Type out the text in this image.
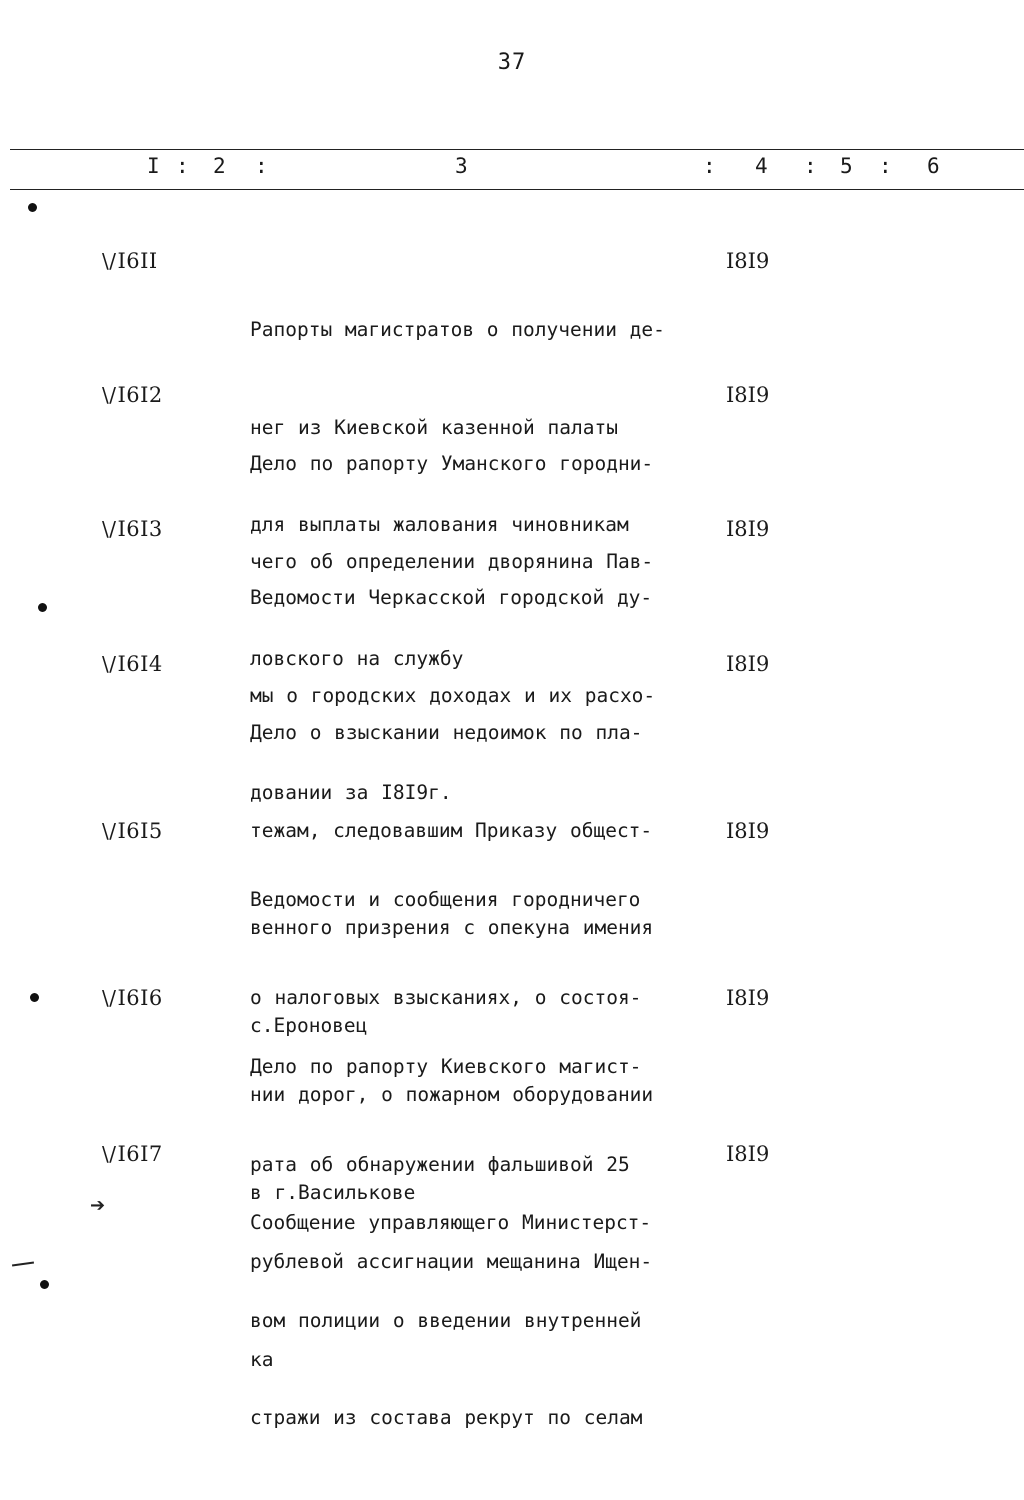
37
I : 2 :	3	: 4 : 5 : 6
➔
\/I6II

Рапорты магистратов о получении де-

нег из Киевской казенной палаты

для выплаты жалования чиновникам

I8I9
\/I6I2

Дело по рапорту Уманского городни-

чего об определении дворянина Пав-

ловского на службу

I8I9
\/I6I3

Ведомости Черкасской городской ду-

мы о городских доходах и их расхо-

довании за I8I9г.

I8I9
\/I6I4

Дело о взыскании недоимок по пла-

тежам, следовавшим Приказу общест-

венного призрения с опекуна имения

с.Ероновец

I8I9
\/I6I5

Ведомости и сообщения городничего

о налоговых взысканиях, о состоя-

нии дорог, о пожарном оборудовании

в г.Василькове

I8I9
\/I6I6

Дело по рапорту Киевского магист-

рата об обнаружении фальшивой 25

рублевой ассигнации мещанина Ищен-

ка

I8I9
\/I6I7

Сообщение управляющего Министерст-

вом полиции о введении внутренней

стражи из состава рекрут по селам

I8I9
